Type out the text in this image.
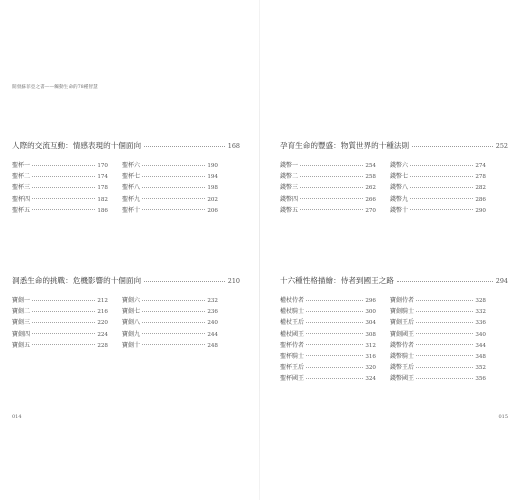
開發蘇菲亞之書——觸動生命的78種智慧
人際的交流互動：情感表現的十個面向	168
聖杯一	170
聖杯二	174
聖杯三	178
聖杯四	182
聖杯五	186
聖杯六	190
聖杯七	194
聖杯八	198
聖杯九	202
聖杯十	206
洞悉生命的挑戰：危機影響的十個面向	210
寶劍一	212
寶劍二	216
寶劍三	220
寶劍四	224
寶劍五	228
寶劍六	232
寶劍七	236
寶劍八	240
寶劍九	244
寶劍十	248
014
孕育生命的豐盛：物質世界的十種法則	252
錢幣一	254
錢幣二	258
錢幣三	262
錢幣四	266
錢幣五	270
錢幣六	274
錢幣七	278
錢幣八	282
錢幣九	286
錢幣十	290
十六種性格描繪：侍者到國王之路	294
權杖侍者	296
權杖騎士	300
權杖王后	304
權杖國王	308
聖杯侍者	312
聖杯騎士	316
聖杯王后	320
聖杯國王	324
寶劍侍者	328
寶劍騎士	332
寶劍王后	336
寶劍國王	340
錢幣侍者	344
錢幣騎士	348
錢幣王后	352
錢幣國王	356
015
